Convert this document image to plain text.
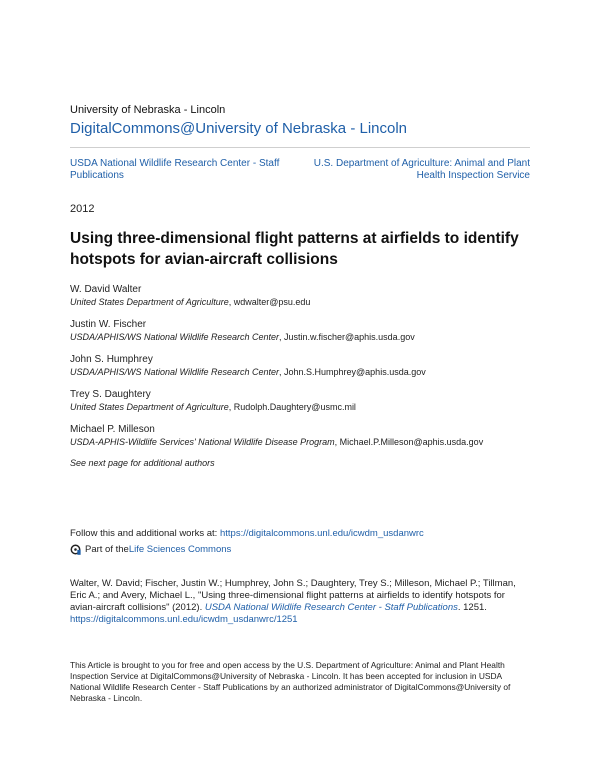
University of Nebraska - Lincoln
DigitalCommons@University of Nebraska - Lincoln
USDA National Wildlife Research Center - Staff Publications
U.S. Department of Agriculture: Animal and Plant Health Inspection Service
2012
Using three-dimensional flight patterns at airfields to identify hotspots for avian-aircraft collisions
W. David Walter
United States Department of Agriculture, wdwalter@psu.edu
Justin W. Fischer
USDA/APHIS/WS National Wildlife Research Center, Justin.w.fischer@aphis.usda.gov
John S. Humphrey
USDA/APHIS/WS National Wildlife Research Center, John.S.Humphrey@aphis.usda.gov
Trey S. Daughtery
United States Department of Agriculture, Rudolph.Daughtery@usmc.mil
Michael P. Milleson
USDA-APHIS-Wildlife Services' National Wildlife Disease Program, Michael.P.Milleson@aphis.usda.gov
See next page for additional authors
Follow this and additional works at: https://digitalcommons.unl.edu/icwdm_usdanwrc
Part of the Life Sciences Commons
Walter, W. David; Fischer, Justin W.; Humphrey, John S.; Daughtery, Trey S.; Milleson, Michael P.; Tillman, Eric A.; and Avery, Michael L., "Using three-dimensional flight patterns at airfields to identify hotspots for avian-aircraft collisions" (2012). USDA National Wildlife Research Center - Staff Publications. 1251.
https://digitalcommons.unl.edu/icwdm_usdanwrc/1251
This Article is brought to you for free and open access by the U.S. Department of Agriculture: Animal and Plant Health Inspection Service at DigitalCommons@University of Nebraska - Lincoln. It has been accepted for inclusion in USDA National Wildlife Research Center - Staff Publications by an authorized administrator of DigitalCommons@University of Nebraska - Lincoln.
